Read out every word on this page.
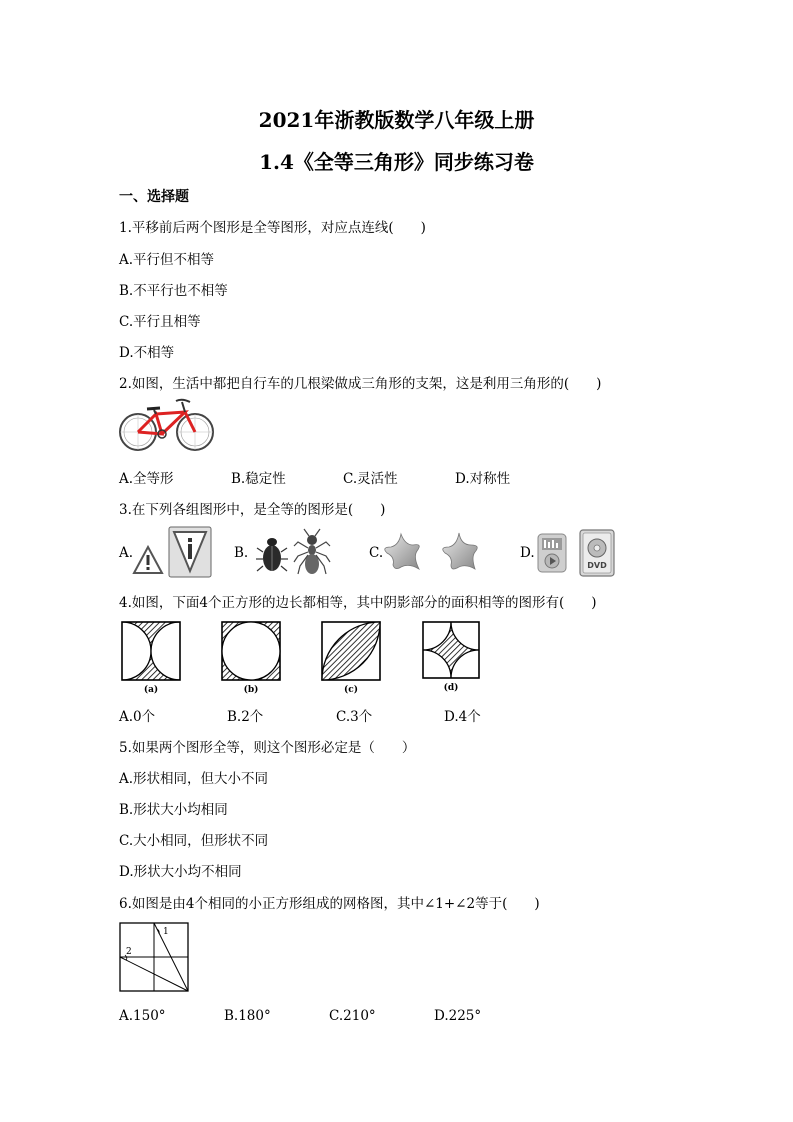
2021年浙教版数学八年级上册
1.4《全等三角形》同步练习卷
一、选择题
1.平移前后两个图形是全等图形，对应点连线(　　)
A.平行但不相等
B.不平行也不相等
C.平行且相等
D.不相等
2.如图，生活中都把自行车的几根梁做成三角形的支架，这是利用三角形的(　　)
A.全等形	B.稳定性	C.灵活性	D.对称性
3.在下列各组图形中，是全等的图形是(　　)
A.	B.	C.	D.
DVD
4.如图，下面4个正方形的边长都相等，其中阴影部分的面积相等的图形有(　　)
(a)	(b)	(c)	(d)
A.0个	B.2个	C.3个	D.4个
5.如果两个图形全等，则这个图形必定是（　　）
A.形状相同，但大小不同
B.形状大小均相同
C.大小相同，但形状不同
D.形状大小均不相同
6.如图是由4个相同的小正方形组成的网格图，其中∠1+∠2等于(　　)
1
2
A.150°	B.180°	C.210°	D.225°
